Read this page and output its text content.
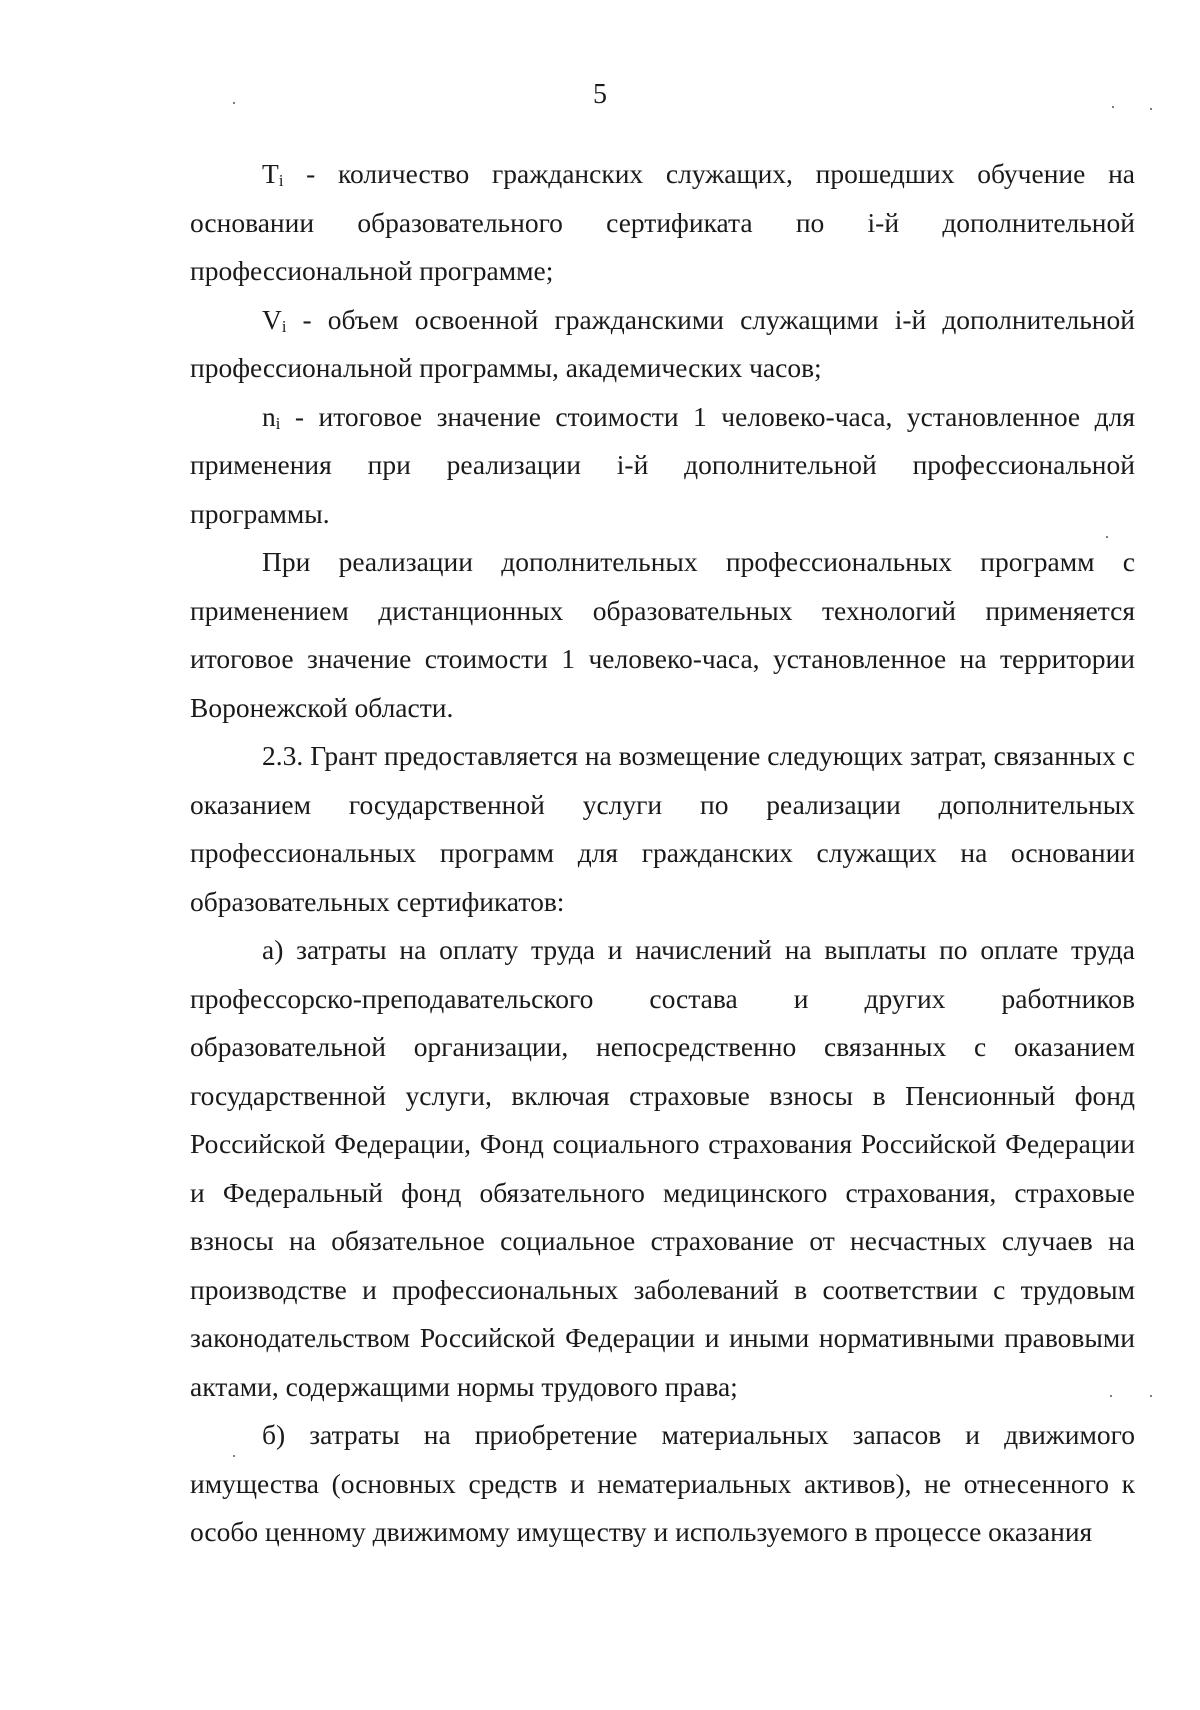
5

$T_i$ - количество гражданских служащих, прошедших обучение на основании образовательного сертификата по i-й дополнительной профессиональной программе;

$V_i$ - объем освоенной гражданскими служащими i-й дополнительной профессиональной программы, академических часов;

$n_i$ - итоговое значение стоимости 1 человеко-часа, установленное для применения при реализации i-й дополнительной профессиональной программы.

При реализации дополнительных профессиональных программ с применением дистанционных образовательных технологий применяется итоговое значение стоимости 1 человеко-часа, установленное на территории Воронежской области.

2.3. Грант предоставляется на возмещение следующих затрат, связанных с оказанием государственной услуги по реализации дополнительных профессиональных программ для гражданских служащих на основании образовательных сертификатов:

а) затраты на оплату труда и начислений на выплаты по оплате труда профессорско-преподавательского состава и других работников образовательной организации, непосредственно связанных с оказанием государственной услуги, включая страховые взносы в Пенсионный фонд Российской Федерации, Фонд социального страхования Российской Федерации и Федеральный фонд обязательного медицинского страхования, страховые взносы на обязательное социальное страхование от несчастных случаев на производстве и профессиональных заболеваний в соответствии с трудовым законодательством Российской Федерации и иными нормативными правовыми актами, содержащими нормы трудового права;

б) затраты на приобретение материальных запасов и движимого имущества (основных средств и нематериальных активов), не отнесенного к особо ценному движимому имуществу и используемого в процессе оказания
